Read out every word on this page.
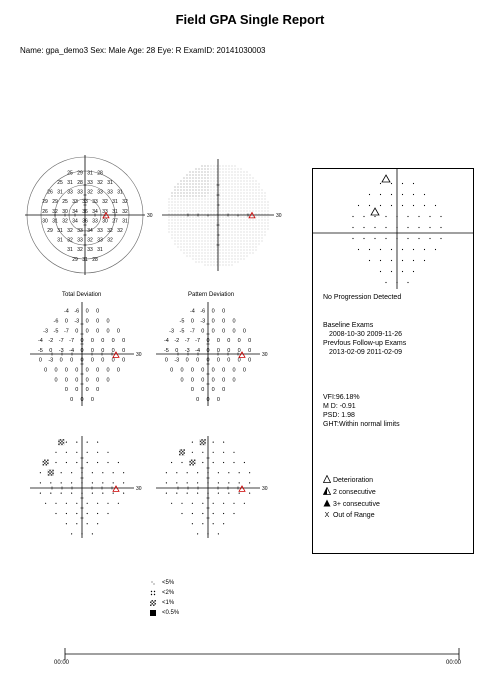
Field GPA Single Report
Name: gpa_demo3 Sex: Male Age: 28 Eye: R ExamID: 20141030003
30
25 29 31 28
25 31 28 33 32 31
26 31 33 33 32 33 33 31
29 29 25 33 33 33 32 31 32
26 32 30 34 36 34 33 31 32
30 31 32 34 36 33 30 27 31
29 31 32 33 34 33 32 32
31 32 33 32 33 32
31 32 33 31
29 31 28
30
Total Deviation
30
-4 -6 0 0
-6 0 -3 0 0 0
-3 -5 -7 0 0 0 0 0
-4 -2 -7 -7 0 0 0 0 0
-5 0 -3 -4 0 0 0 0 0
0 -3 0 0 0 0 0 0 0
0 0 0 0 0 0 0 0
0 0 0 0 0 0
0 0 0 0
0 0 0
Pattern Deviation
30
-4 -6 0 0
-5 0 -3 0 0 0
-3 -5 -7 0 0 0 0 0
-4 -2 -7 -7 0 0 0 0 0
-5 0 -3 -4 0 0 0 0 0
0 -3 0 0 0 0 0 0 0
0 0 0 0 0 0 0 0
0 0 0 0 0 0
0 0 0 0
0 0 0
30	30
No Progression Detected
Baseline Exams
2008-10-30 2009-11-26
Prevfous Follow-up Exams
2013-02-09 2011-02-09
VFI:96.18%
M D: -0.91
PSD: 1.98
GHT:Within normal limits
Deterioration
2 consecutive
3+ consecutive
X Out of Range
<5%
<2%
<1%
<0.5%
00:00	00:00
